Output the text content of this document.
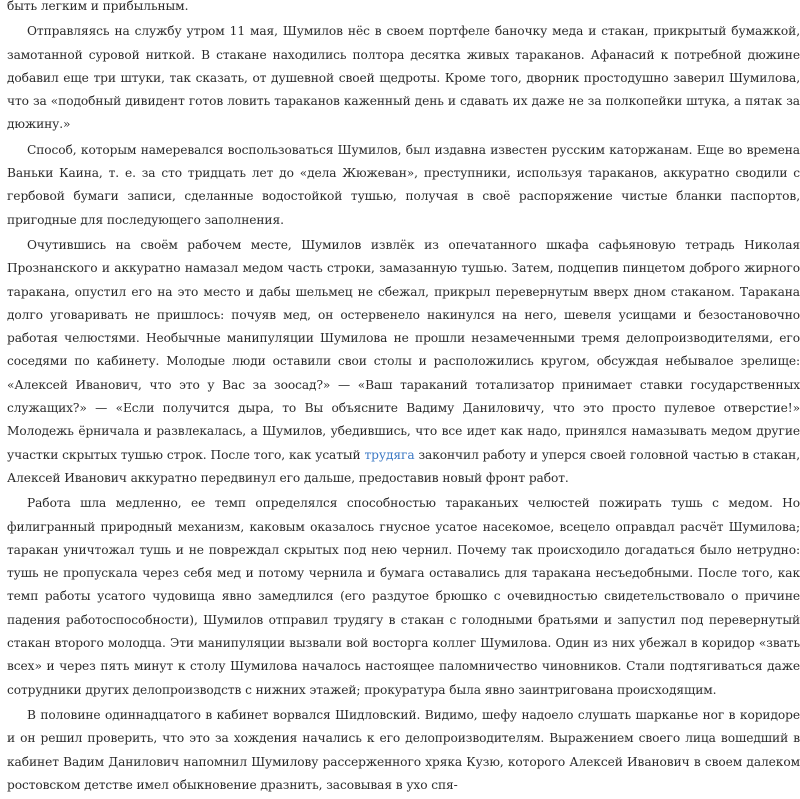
быть легким и прибыльным.

Отправляясь на службу утром 11 мая, Шумилов нёс в своем портфеле баночку меда и стакан, прикрытый бумажкой, замотанной суровой ниткой. В стакане находились полтора десятка живых тараканов. Афанасий к потребной дюжине добавил еще три штуки, так сказать, от душевной своей щедроты. Кроме того, дворник простодушно заверил Шумилова, что за «подобный дивидент готов ловить тараканов каженный день и сдавать их даже не за полкопейки штука, а пятак за дюжину.»

Способ, которым намеревался воспользоваться Шумилов, был издавна известен русским каторжанам. Еще во времена Ваньки Каина, т. е. за сто тридцать лет до «дела Жюжеван», преступники, используя тараканов, аккуратно сводили с гербовой бумаги записи, сделанные водостойкой тушью, получая в своё распоряжение чистые бланки паспортов, пригодные для последующего заполнения.

Очутившись на своём рабочем месте, Шумилов извлёк из опечатанного шкафа сафьяновую тетрадь Николая Прознанского и аккуратно намазал медом часть строки, замазанную тушью. Затем, подцепив пинцетом доброго жирного таракана, опустил его на это место и дабы шельмец не сбежал, прикрыл перевернутым вверх дном стаканом. Таракана долго уговаривать не пришлось: почуяв мед, он остервенело накинулся на него, шевеля усищами и безостановочно работая челюстями. Необычные манипуляции Шумилова не прошли незамеченными тремя делопроизводителями, его соседями по кабинету. Молодые люди оставили свои столы и расположились кругом, обсуждая небывалое зрелище: «Алексей Иванович, что это у Вас за зоосад?» — «Ваш тараканий тотализатор принимает ставки государственных служащих?» — «Если получится дыра, то Вы объясните Вадиму Даниловичу, что это просто пулевое отверстие!» Молодежь ёрничала и развлекалась, а Шумилов, убедившись, что все идет как надо, принялся намазывать медом другие участки скрытых тушью строк. После того, как усатый трудяга закончил работу и уперся своей головной частью в стакан, Алексей Иванович аккуратно передвинул его дальше, предоставив новый фронт работ.

Работа шла медленно, ее темп определялся способностью тараканьих челюстей пожирать тушь с медом. Но филигранный природный механизм, каковым оказалось гнусное усатое насекомое, всецело оправдал расчёт Шумилова; таракан уничтожал тушь и не повреждал скрытых под нею чернил. Почему так происходило догадаться было нетрудно: тушь не пропускала через себя мед и потому чернила и бумага оставались для таракана несъедобными. После того, как темп работы усатого чудовища явно замедлился (его раздутое брюшко с очевидностью свидетельствовало о причине падения работоспособности), Шумилов отправил трудягу в стакан с голодными братьями и запустил под перевернутый стакан второго молодца. Эти манипуляции вызвали вой восторга коллег Шумилова. Один из них убежал в коридор «звать всех» и через пять минут к столу Шумилова началось настоящее паломничество чиновников. Стали подтягиваться даже сотрудники других делопроизводств с нижних этажей; прокуратура была явно заинтригована происходящим.

В половине одиннадцатого в кабинет ворвался Шидловский. Видимо, шефу надоело слушать шарканье ног в коридоре и он решил проверить, что это за хождения начались к его делопроизводителям. Выражением своего лица вошедший в кабинет Вадим Данилович напомнил Шумилову рассерженного хряка Кузю, которого Алексей Иванович в своем далеком ростовском детстве имел обыкновение дразнить, засовывая в ухо спя-
